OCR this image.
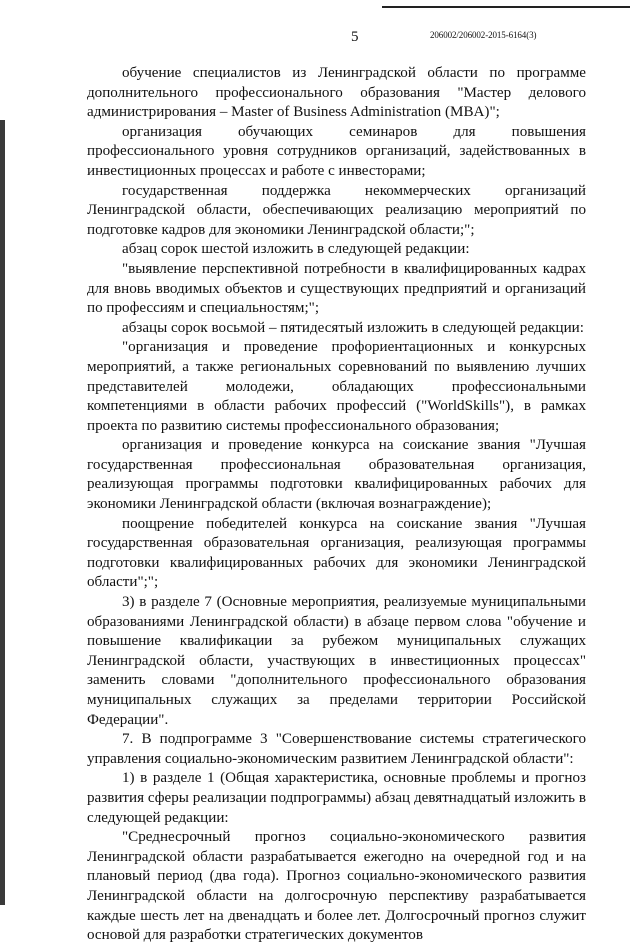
5	206002/206002-2015-6164(3)

обучение специалистов из Ленинградской области по программе дополнительного профессионального образования "Мастер делового администрирования – Master of Business Administration (MBA)";

организация обучающих семинаров для повышения профессионального уровня сотрудников организаций, задействованных в инвестиционных процессах и работе с инвесторами;

государственная поддержка некоммерческих организаций Ленинградской области, обеспечивающих реализацию мероприятий по подготовке кадров для экономики Ленинградской области;";

абзац сорок шестой изложить в следующей редакции:

"выявление перспективной потребности в квалифицированных кадрах для вновь вводимых объектов и существующих предприятий и организаций по профессиям и специальностям;";

абзацы сорок восьмой – пятидесятый изложить в следующей редакции:

"организация и проведение профориентационных и конкурсных мероприятий, а также региональных соревнований по выявлению лучших представителей молодежи, обладающих профессиональными компетенциями в области рабочих профессий ("WorldSkills"), в рамках проекта по развитию системы профессионального образования;

организация и проведение конкурса на соискание звания "Лучшая государственная профессиональная образовательная организация, реализующая программы подготовки квалифицированных рабочих для экономики Ленинградской области (включая вознаграждение);

поощрение победителей конкурса на соискание звания "Лучшая государственная образовательная организация, реализующая программы подготовки квалифицированных рабочих для экономики Ленинградской области";";

3) в разделе 7 (Основные мероприятия, реализуемые муниципальными образованиями Ленинградской области) в абзаце первом слова "обучение и повышение квалификации за рубежом муниципальных служащих Ленинградской области, участвующих в инвестиционных процессах" заменить словами "дополнительного профессионального образования муниципальных служащих за пределами территории Российской Федерации".

7. В подпрограмме 3 "Совершенствование системы стратегического управления социально-экономическим развитием Ленинградской области":

1) в разделе 1 (Общая характеристика, основные проблемы и прогноз развития сферы реализации подпрограммы) абзац девятнадцатый изложить в следующей редакции:

"Среднесрочный прогноз социально-экономического развития Ленинградской области разрабатывается ежегодно на очередной год и на плановый период (два года). Прогноз социально-экономического развития Ленинградской области на долгосрочную перспективу разрабатывается каждые шесть лет на двенадцать и более лет. Долгосрочный прогноз служит основой для разработки стратегических документов
